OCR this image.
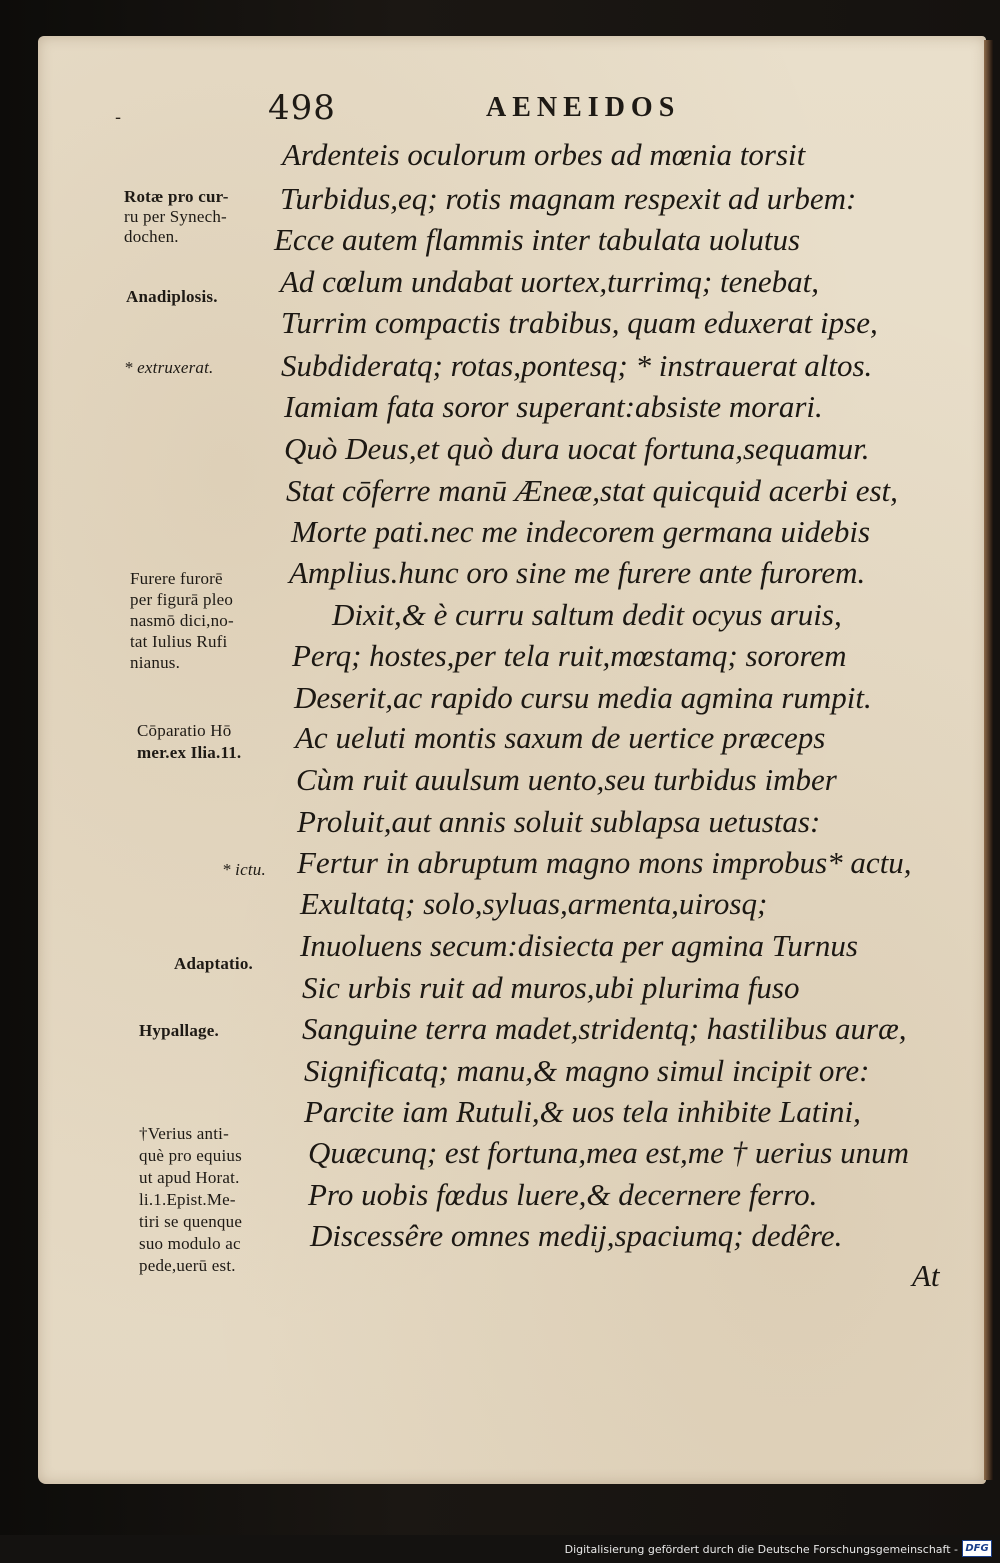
-	498	AENEIDOS

Ardenteis oculorum orbes ad mœnia torsit

Turbidus,eq; rotis magnam respexit ad urbem:

Ecce autem flammis inter tabulata uolutus

Ad cœlum undabat uortex,turrimq; tenebat,

Turrim compactis trabibus, quam eduxerat ipse,

Subdideratq; rotas,pontesq; * instrauerat altos.

Iamiam fata soror superant:absiste morari.

Quò Deus,et quò dura uocat fortuna,sequamur.

Stat cōferre manū Æneæ,stat quicquid acerbi est,

Morte pati.nec me indecorem germana uidebis

Amplius.hunc oro sine me furere ante furorem.

Dixit,& è curru saltum dedit ocyus aruis,

Perq; hostes,per tela ruit,mœstamq; sororem

Deserit,ac rapido cursu media agmina rumpit.

Ac ueluti montis saxum de uertice præceps

Cùm ruit auulsum uento,seu turbidus imber

Proluit,aut annis soluit sublapsa uetustas:

Fertur in abruptum magno mons improbus* actu,

Exultatq; solo,syluas,armenta,uirosq;

Inuoluens secum:disiecta per agmina Turnus

Sic urbis ruit ad muros,ubi plurima fuso

Sanguine terra madet,stridentq; hastilibus auræ,

Significatq; manu,& magno simul incipit ore:

Parcite iam Rutuli,& uos tela inhibite Latini,

Quæcunq; est fortuna,mea est,me † uerius unum

Pro uobis fœdus luere,& decernere ferro.

Discessêre omnes medij,spaciumq; dedêre.

At

Rotæ pro cur-

ru per Synech-

dochen.

Anadiplosis.

* extruxerat.

Furere furorē

per figurā pleo

nasmō dici,no-

tat Iulius Rufi

nianus.

Cōparatio Hō

mer.ex Ilia.11.

* ictu.

Adaptatio.

Hypallage.

†Verius anti-

què pro equius

ut apud Horat.

li.1.Epist.Me-

tiri se quenque

suo modulo ac

pede,uerū est.

Digitalisierung gefördert durch die Deutsche Forschungsgemeinschaft - DFG
